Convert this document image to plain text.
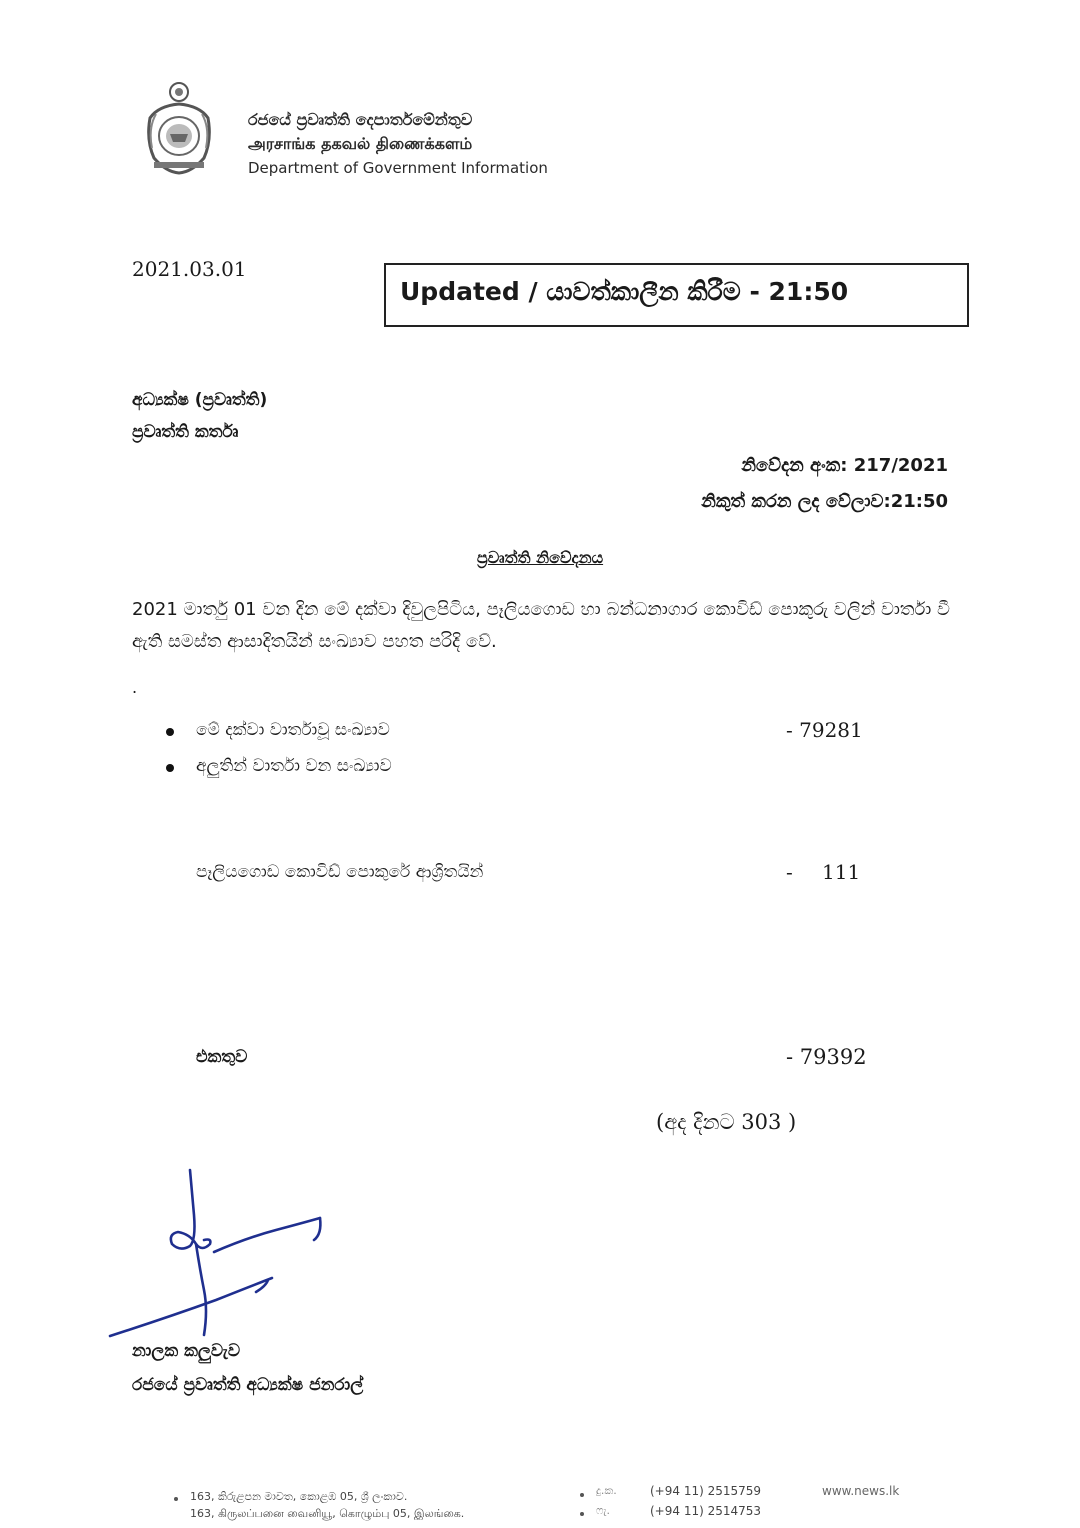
රජයේ ප්‍රවෘත්ති දෙපාර්තමේන්තුව
அரசாங்க தகவல் திணைக்களம்
Department of Government Information
2021.03.01
Updated / යාවත්කාලීන කිරීම - 21:50
අධ්‍යක්ෂ (ප්‍රවෘත්ති)
ප්‍රවෘත්ති කර්තෘ
නිවේදන අංක: 217/2021
නිකුත් කරන ලද වේලාව:21:50
ප්‍රවෘත්ති නිවේදනය
2021 මාර්තු 01 වන දින මේ දක්වා දිවුලපිටිය, පෑලියගොඩ හා බන්ධනාගාර කොවිඩ් පොකුරු වලින් වාර්තා වී ඇති සමස්ත ආසාදිතයින් සංඛ්‍යාව පහත පරිදි වේ.
.
මේ දක්වා වාර්තාවූ සංඛ්‍යාව	- 79281
අලුතින් වාර්තා වන සංඛ්‍යාව
පෑලියගොඩ කොවිඩ් පොකුරේ ආශ්‍රිතයින්	- 111
එකතුව	- 79392
(අද දිනට 303 )
නාලක කලුවැව
රජයේ ප්‍රවෘත්ති අධ්‍යක්ෂ ජනරාල්
163, කිරුළපන මාවත, කොළඹ 05, ශ්‍රී ලංකාව.
163, கிருலப்பனை வைனியூ, கொழும்பு 05, இலங்கை.
දු.ක.	(+94 11) 2515759
ෆැ.	(+94 11) 2514753
www.news.lk
